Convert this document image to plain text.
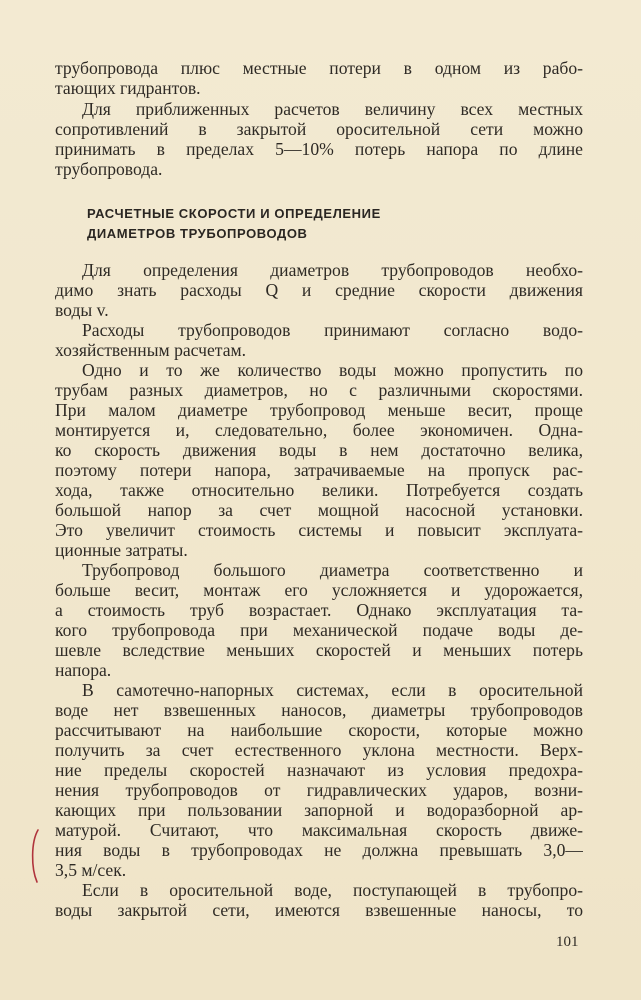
трубопровода плюс местные потери в одном из рабо-
тающих гидрантов.
Для приближенных расчетов величину всех местных
сопротивлений в закрытой оросительной сети можно
принимать в пределах 5—10% потерь напора по длине
трубопровода.
РАСЧЕТНЫЕ СКОРОСТИ И ОПРЕДЕЛЕНИЕ
ДИАМЕТРОВ ТРУБОПРОВОДОВ
Для определения диаметров трубопроводов необхо-
димо знать расходы Q и средние скорости движения
воды v.
Расходы трубопроводов принимают согласно водо-
хозяйственным расчетам.
Одно и то же количество воды можно пропустить по
трубам разных диаметров, но с различными скоростями.
При малом диаметре трубопровод меньше весит, проще
монтируется и, следовательно, более экономичен. Одна-
ко скорость движения воды в нем достаточно велика,
поэтому потери напора, затрачиваемые на пропуск рас-
хода, также относительно велики. Потребуется создать
большой напор за счет мощной насосной установки.
Это увеличит стоимость системы и повысит эксплуата-
ционные затраты.
Трубопровод большого диаметра соответственно и
больше весит, монтаж его усложняется и удорожается,
а стоимость труб возрастает. Однако эксплуатация та-
кого трубопровода при механической подаче воды де-
шевле вследствие меньших скоростей и меньших потерь
напора.
В самотечно-напорных системах, если в оросительной
воде нет взвешенных наносов, диаметры трубопроводов
рассчитывают на наибольшие скорости, которые можно
получить за счет естественного уклона местности. Верх-
ние пределы скоростей назначают из условия предохра-
нения трубопроводов от гидравлических ударов, возни-
кающих при пользовании запорной и водоразборной ар-
матурой. Считают, что максимальная скорость движе-
ния воды в трубопроводах не должна превышать 3,0—
3,5 м/сек.
Если в оросительной воде, поступающей в трубопро-
воды закрытой сети, имеются взвешенные наносы, то
101
